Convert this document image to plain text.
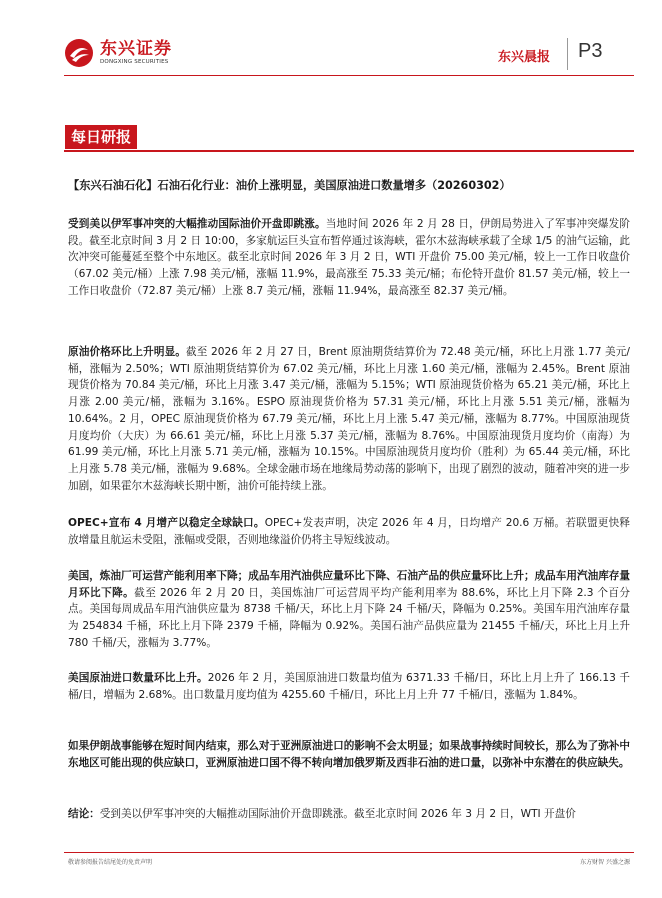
东兴证券
DONGXING SECURITIES	东兴晨报 P3
每日研报
【东兴石油石化】石油石化行业：油价上涨明显，美国原油进口数量增多（20260302）
受到美以伊军事冲突的大幅推动国际油价开盘即跳涨。当地时间 2026 年 2 月 28 日，伊朗局势进入了军事冲突爆发阶段。截至北京时间 3 月 2 日 10:00，多家航运巨头宣布暂停通过该海峡，霍尔木兹海峡承载了全球 1/5 的油气运输，此次冲突可能蔓延至整个中东地区。截至北京时间 2026 年 3 月 2 日，WTI 开盘价 75.00 美元/桶，较上一工作日收盘价（67.02 美元/桶）上涨 7.98 美元/桶，涨幅 11.9%，最高涨至 75.33 美元/桶；布伦特开盘价 81.57 美元/桶，较上一工作日收盘价（72.87 美元/桶）上涨 8.7 美元/桶，涨幅 11.94%，最高涨至 82.37 美元/桶。
原油价格环比上升明显。截至 2026 年 2 月 27 日，Brent 原油期货结算价为 72.48 美元/桶，环比上月涨 1.77 美元/桶，涨幅为 2.50%；WTI 原油期货结算价为 67.02 美元/桶，环比上月涨 1.60 美元/桶，涨幅为 2.45%。Brent 原油现货价格为 70.84 美元/桶，环比上月涨 3.47 美元/桶，涨幅为 5.15%；WTI 原油现货价格为 65.21 美元/桶，环比上月涨 2.00 美元/桶，涨幅为 3.16%。ESPO 原油现货价格为 57.31 美元/桶，环比上月涨 5.51 美元/桶，涨幅为 10.64%。2 月，OPEC 原油现货价格为 67.79 美元/桶，环比上月上涨 5.47 美元/桶，涨幅为 8.77%。中国原油现货月度均价（大庆）为 66.61 美元/桶，环比上月涨 5.37 美元/桶，涨幅为 8.76%。中国原油现货月度均价（南海）为 61.99 美元/桶，环比上月涨 5.71 美元/桶，涨幅为 10.15%。中国原油现货月度均价（胜利）为 65.44 美元/桶，环比上月涨 5.78 美元/桶，涨幅为 9.68%。全球金融市场在地缘局势动荡的影响下，出现了剧烈的波动，随着冲突的进一步加剧，如果霍尔木兹海峡长期中断，油价可能持续上涨。
OPEC+宣布 4 月增产以稳定全球缺口。OPEC+发表声明，决定 2026 年 4 月，日均增产 20.6 万桶。若联盟更快释放增量且航运未受阻，涨幅或受限，否则地缘溢价仍将主导短线波动。
美国，炼油厂可运营产能利用率下降；成品车用汽油供应量环比下降、石油产品的供应量环比上升；成品车用汽油库存量月环比下降。截至 2026 年 2 月 20 日，美国炼油厂可运营周平均产能利用率为 88.6%，环比上月下降 2.3 个百分点。美国每周成品车用汽油供应量为 8738 千桶/天，环比上月下降 24 千桶/天，降幅为 0.25%。美国车用汽油库存量为 254834 千桶，环比上月下降 2379 千桶，降幅为 0.92%。美国石油产品供应量为 21455 千桶/天，环比上月上升 780 千桶/天，涨幅为 3.77%。
美国原油进口数量环比上升。2026 年 2 月，美国原油进口数量均值为 6371.33 千桶/日，环比上月上升了 166.13 千桶/日，增幅为 2.68%。出口数量月度均值为 4255.60 千桶/日，环比上月上升 77 千桶/日，涨幅为 1.84%。
如果伊朗战事能够在短时间内结束，那么对于亚洲原油进口的影响不会太明显；如果战事持续时间较长，那么为了弥补中东地区可能出现的供应缺口，亚洲原油进口国不得不转向增加俄罗斯及西非石油的进口量，以弥补中东潜在的供应缺失。
结论：受到美以伊军事冲突的大幅推动国际油价开盘即跳涨。截至北京时间 2026 年 3 月 2 日，WTI 开盘价
敬请参阅报告结尾处的免责声明	东方财智 兴盛之源
